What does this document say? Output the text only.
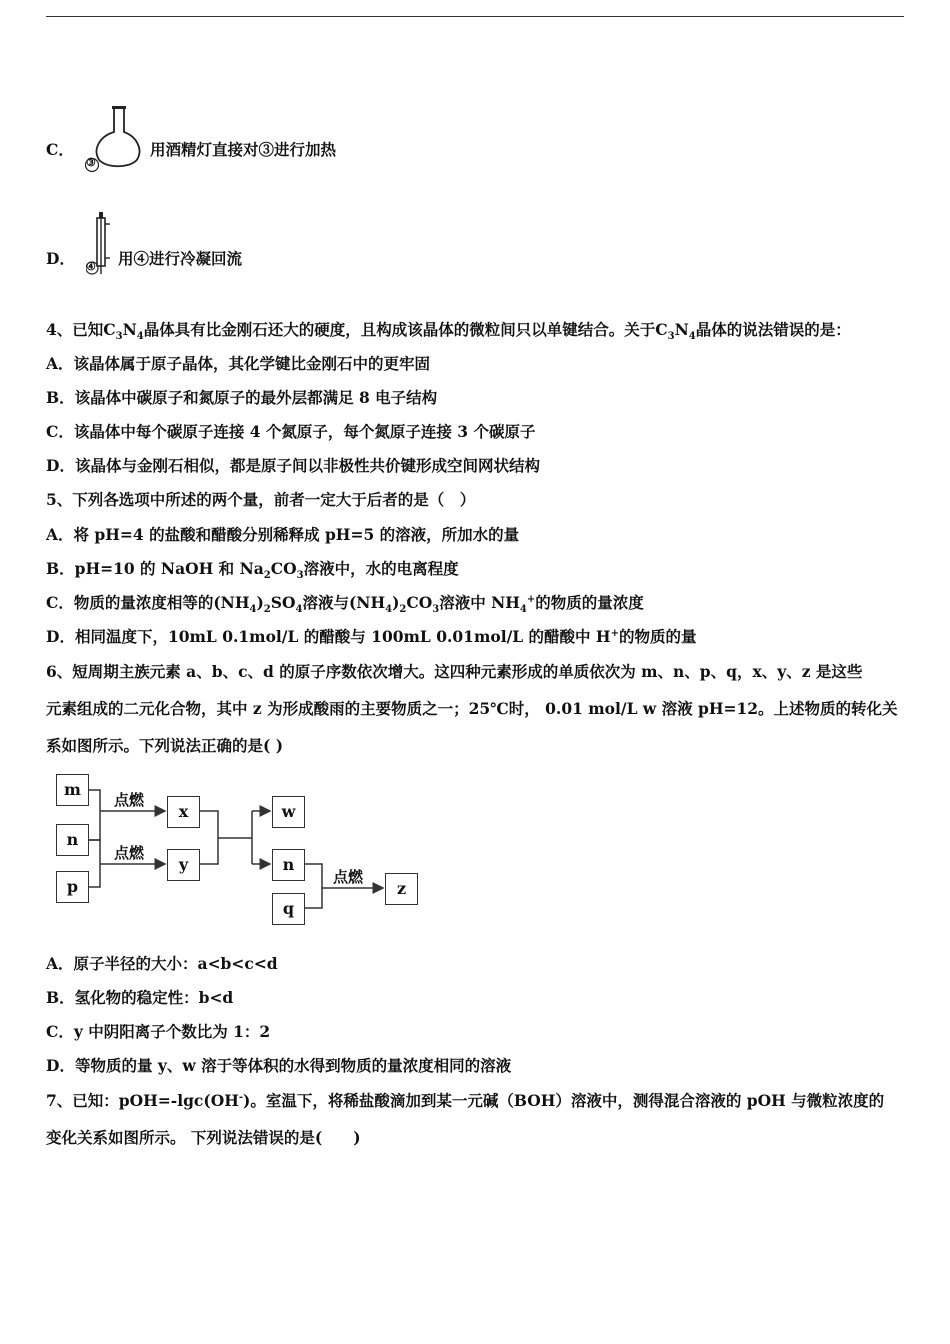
C．
③
用酒精灯直接对③进行加热
D． ④ 用④进行冷凝回流
4、已知$C_3N_4$晶体具有比金刚石还大的硬度，且构成该晶体的微粒间只以单键结合。关于$C_3N_4$晶体的说法错误的是：
A．该晶体属于原子晶体，其化学键比金刚石中的更牢固
B．该晶体中碳原子和氮原子的最外层都满足 8 电子结构
C．该晶体中每个碳原子连接 4 个氮原子，每个氮原子连接 3 个碳原子
D．该晶体与金刚石相似，都是原子间以非极性共价键形成空间网状结构
5、下列各选项中所述的两个量，前者一定大于后者的是（　）
A．将 pH=4 的盐酸和醋酸分别稀释成 pH=5 的溶液，所加水的量
B．pH=10 的 NaOH 和 $Na_2CO_3$溶液中，水的电离程度
C．物质的量浓度相等的$(NH_4)_2SO_4$溶液与$(NH_4)_2CO_3$溶液中 $NH_4^+$的物质的量浓度
D．相同温度下，10mL 0.1mol/L 的醋酸与 100mL 0.01mol/L 的醋酸中 H+的物质的量
6、短周期主族元素 a、b、c、d 的原子序数依次增大。这四种元素形成的单质依次为 m、n、p、q，x、y、z 是这些
元素组成的二元化合物，其中 z 为形成酸雨的主要物质之一；25℃时， 0.01 mol/L w 溶液 pH=12。上述物质的转化关
系如图所示。下列说法正确的是( )
m
n
p
x
y
w
n
q
z
点燃
点燃
点燃
A．原子半径的大小：a<b<c<d
B．氢化物的稳定性：b<d
C．y 中阴阳离子个数比为 1：2
D．等物质的量 y、w 溶于等体积的水得到物质的量浓度相同的溶液
7、已知：pOH=-lgc(OH-)。室温下，将稀盐酸滴加到某一元碱（BOH）溶液中，测得混合溶液的 pOH 与微粒浓度的
变化关系如图所示。 下列说法错误的是(　　)
